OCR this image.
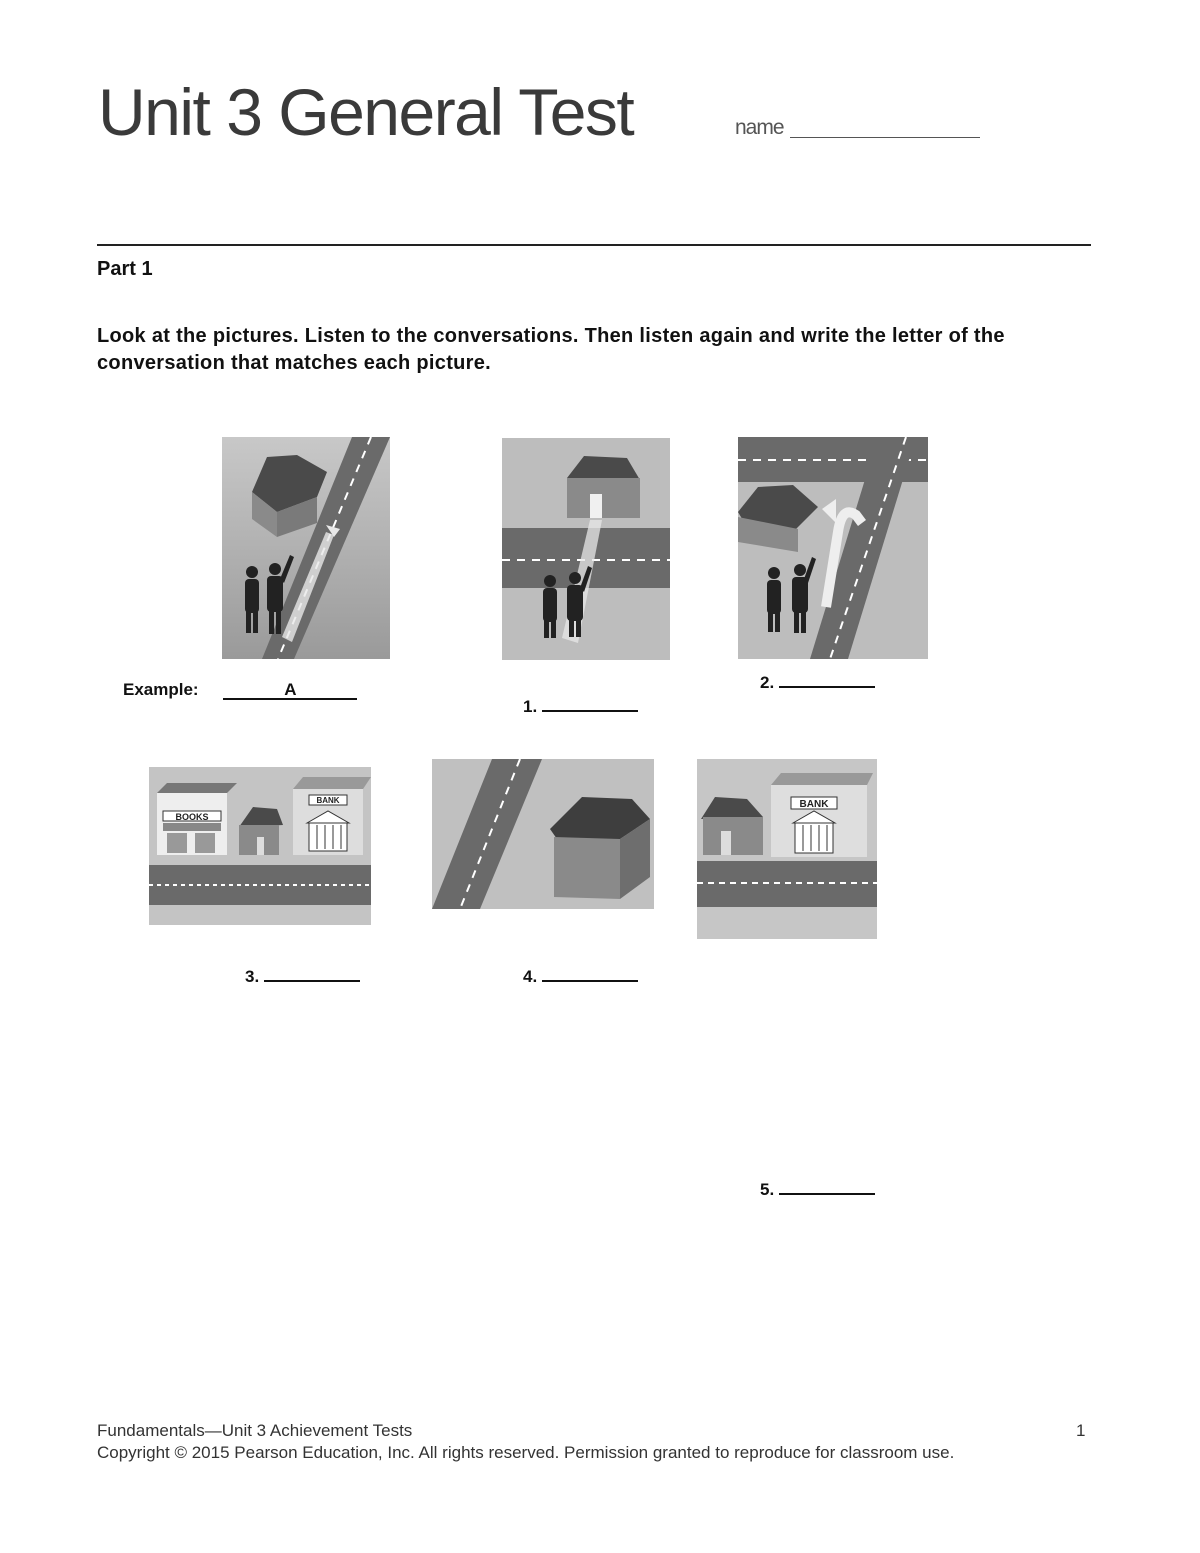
Unit 3 General Test	name
Part 1
Look at the pictures. Listen to the conversations. Then listen again and write the letter of the conversation that matches each picture.
BOOKS
BANK	BANK
Example:	A
1.
2.
3.	4.
5.
Fundamentals—Unit 3 Achievement Tests
Copyright © 2015 Pearson Education, Inc. All rights reserved. Permission granted to reproduce for classroom use.
1
